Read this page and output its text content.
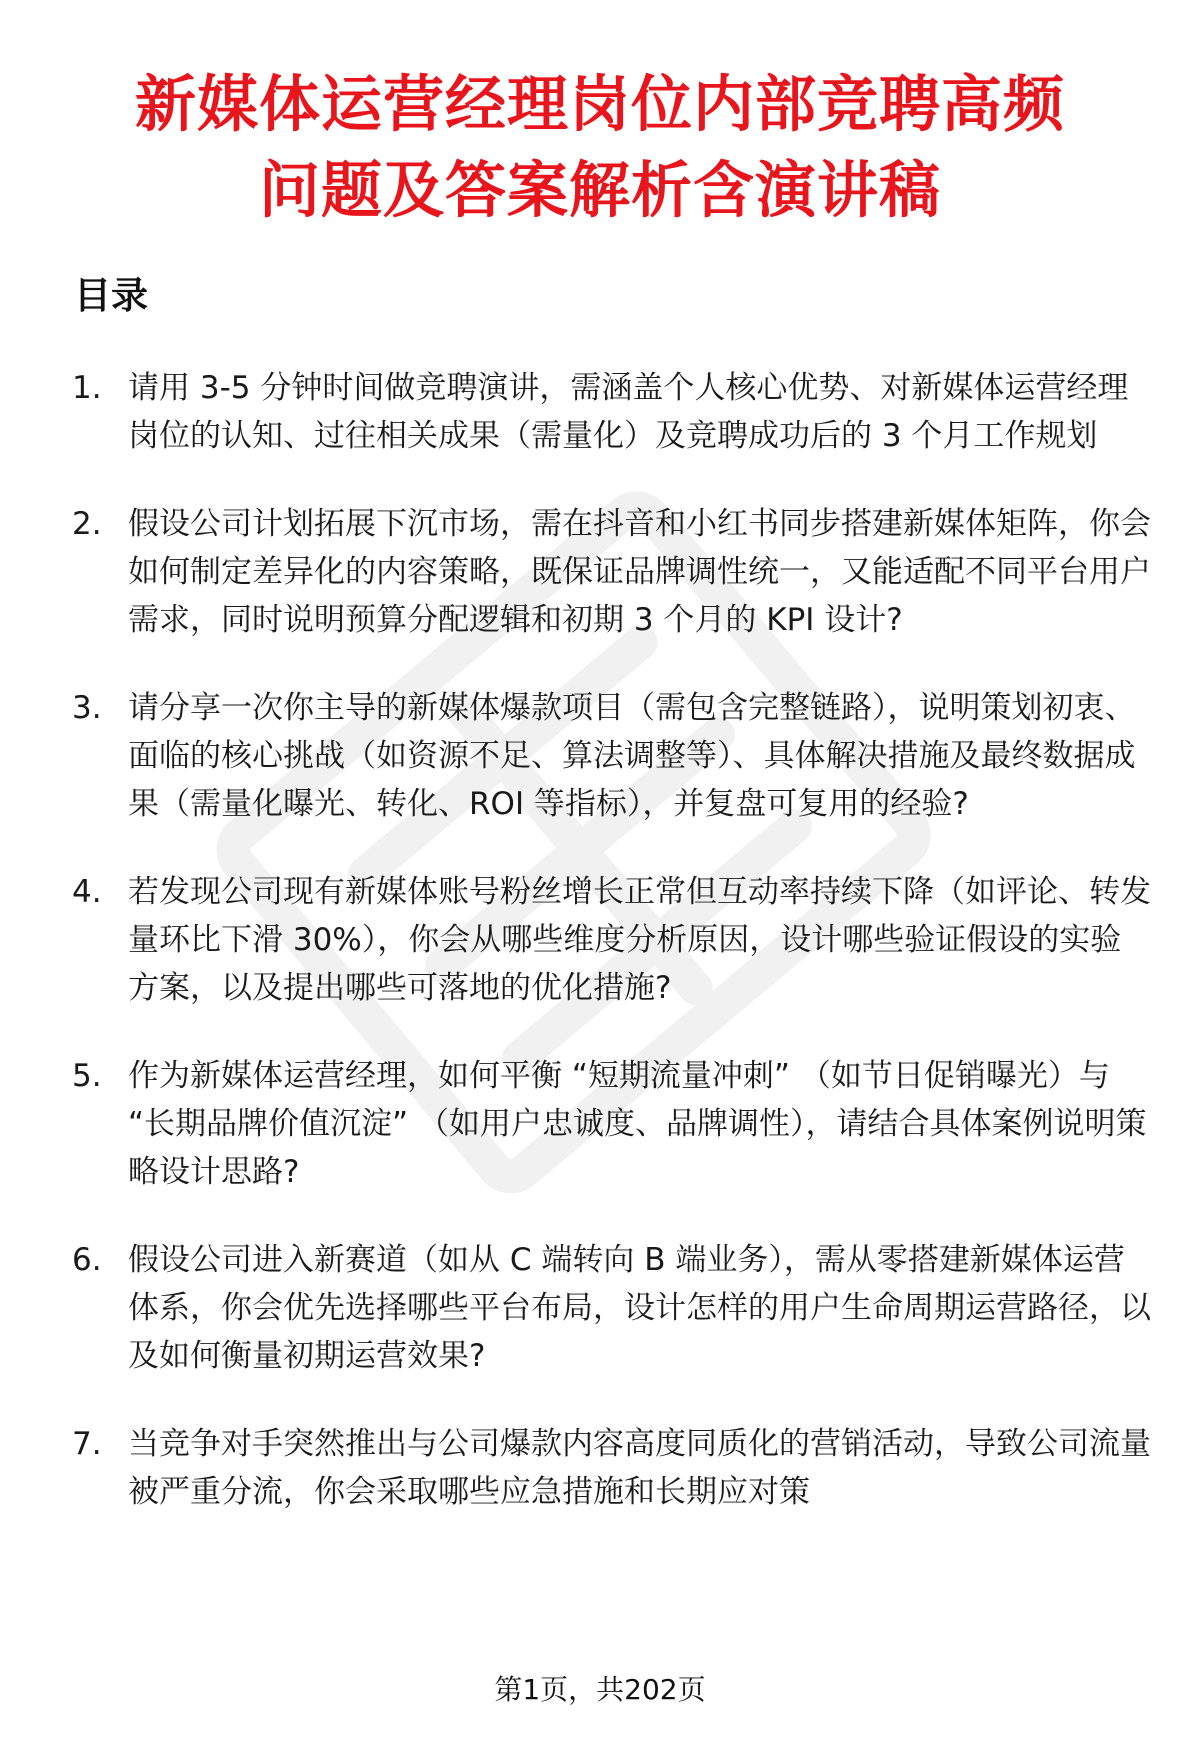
新媒体运营经理岗位内部竞聘高频
问题及答案解析含演讲稿
目录
1. 请用 3-5 分钟时间做竞聘演讲，需涵盖个人核心优势、对新媒体运营经理岗位的认知、过往相关成果（需量化）及竞聘成功后的 3 个月工作规划
2. 假设公司计划拓展下沉市场，需在抖音和小红书同步搭建新媒体矩阵，你会如何制定差异化的内容策略，既保证品牌调性统一，又能适配不同平台用户需求，同时说明预算分配逻辑和初期 3 个月的 KPI 设计?
3. 请分享一次你主导的新媒体爆款项目（需包含完整链路），说明策划初衷、面临的核心挑战（如资源不足、算法调整等）、具体解决措施及最终数据成果（需量化曝光、转化、ROI 等指标），并复盘可复用的经验?
4. 若发现公司现有新媒体账号粉丝增长正常但互动率持续下降（如评论、转发量环比下滑 30%），你会从哪些维度分析原因，设计哪些验证假设的实验方案，以及提出哪些可落地的优化措施?
5. 作为新媒体运营经理，如何平衡 “短期流量冲刺” （如节日促销曝光）与 “长期品牌价值沉淀” （如用户忠诚度、品牌调性），请结合具体案例说明策略设计思路?
6. 假设公司进入新赛道（如从 C 端转向 B 端业务），需从零搭建新媒体运营体系，你会优先选择哪些平台布局，设计怎样的用户生命周期运营路径，以及如何衡量初期运营效果?
7. 当竞争对手突然推出与公司爆款内容高度同质化的营销活动，导致公司流量被严重分流，你会采取哪些应急措施和长期应对策
第1页，共202页
